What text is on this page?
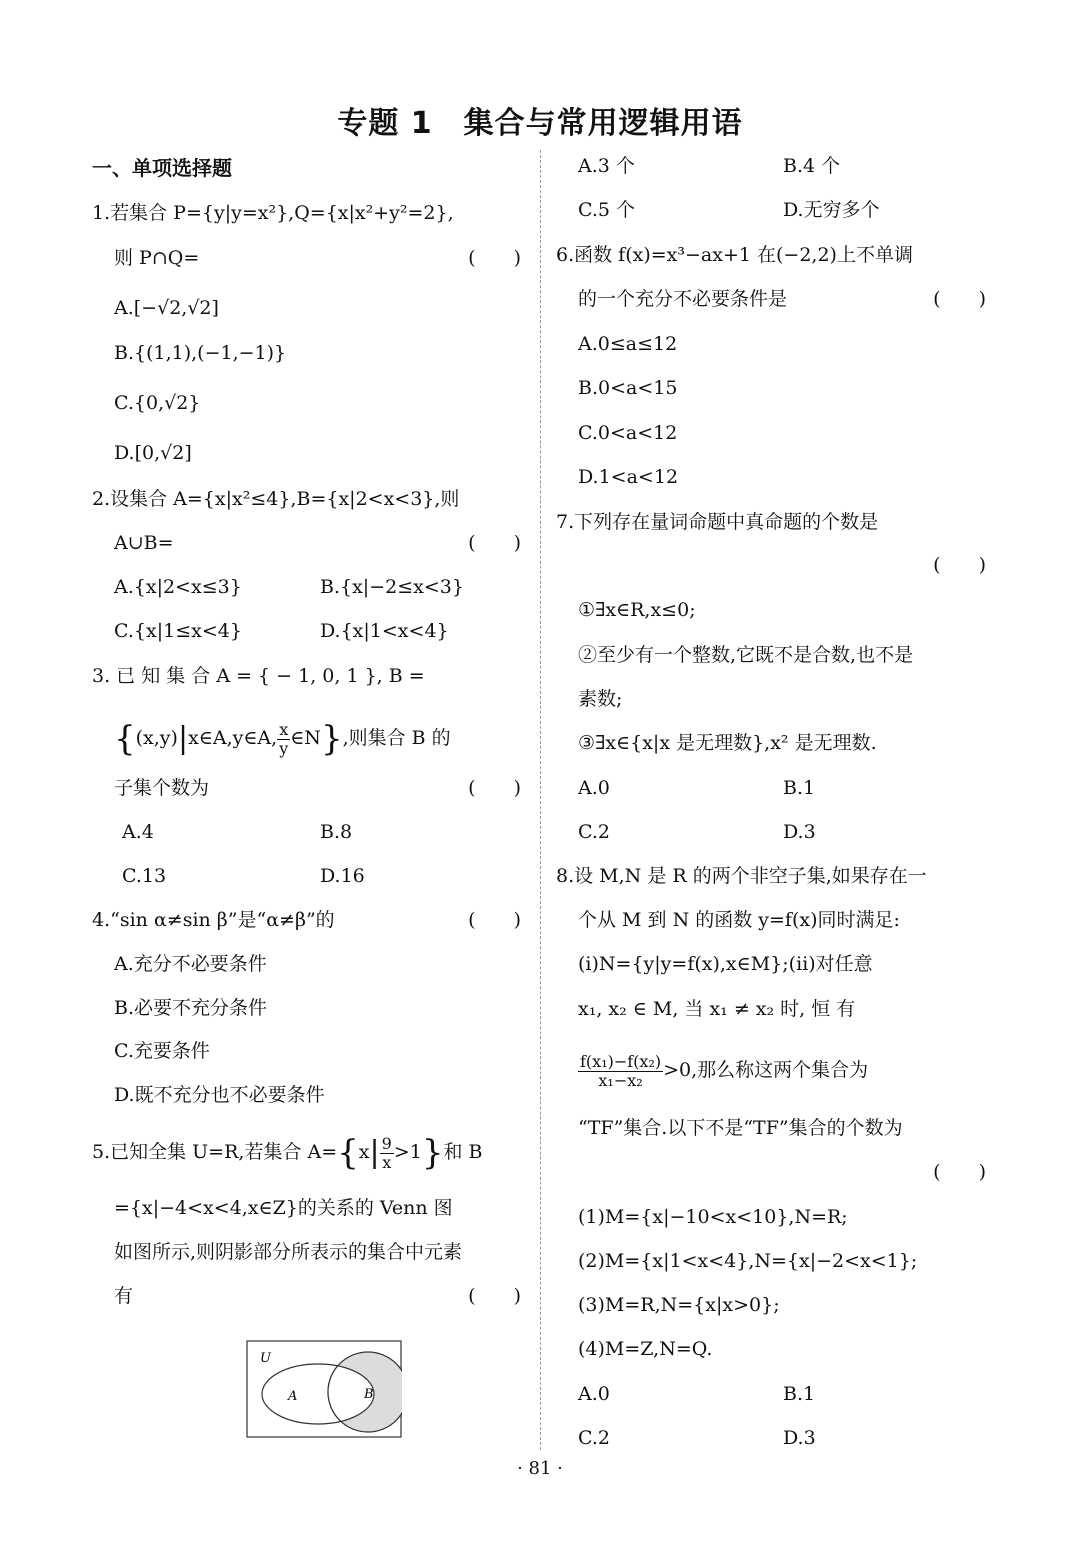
专题 1　集合与常用逻辑用语
一、单项选择题
1.若集合 P={y|y=x²},Q={x|x²+y²=2},
则 P∩Q=	(　　)
A.[−√2,√2]
B.{(1,1),(−1,−1)}
C.{0,√2}
D.[0,√2]
2.设集合 A={x|x²≤4},B={x|2<x<3},则
A∪B=	(　　)
A.{x|2<x≤3}	B.{x|−2≤x<3}
C.{x|1≤x<4}	D.{x|1<x<4}
3. 已 知 集 合 A = { − 1, 0, 1 }, B =
{(x,y)|x∈A,y∈A, $\frac{x}{y}$ ∈N},则集合 B 的
子集个数为	(　　)
A.4	B.8
C.13	D.16
4.“sin α≠sin β”是“α≠β”的	(　　)
A.充分不必要条件
B.必要不充分条件
C.充要条件
D.既不充分也不必要条件
5.已知全集 U=R,若集合 $A=\{x| \frac{9}{x} >1\}$和 B
={x|−4<x<4,x∈Z}的关系的 Venn 图
如图所示,则阴影部分所表示的集合中元素
有	(　　)
U
A	B
A.3 个	B.4 个
C.5 个	D.无穷多个
6.函数 f(x)=x³−ax+1 在(−2,2)上不单调
的一个充分不必要条件是	(　　)
A.0≤a≤12
B.0<a<15
C.0<a<12
D.1<a<12
7.下列存在量词命题中真命题的个数是
(　　)
①∃x∈R,x≤0;
②至少有一个整数,它既不是合数,也不是
素数;
③∃x∈{x|x 是无理数},x² 是无理数.
A.0	B.1
C.2	D.3
8.设 M,N 是 R 的两个非空子集,如果存在一
个从 M 到 N 的函数 y=f(x)同时满足:
(ⅰ)N={y|y=f(x),x∈M};(ⅱ)对任意
x₁, x₂ ∈ M, 当 x₁ ≠ x₂ 时, 恒 有
$\frac{\text{f(x₁)−f(x₂)}}{\text{x₁−x₂}} >0$,那么称这两个集合为
“TF”集合.以下不是“TF”集合的个数为
(　　)
(1)M={x|−10<x<10},N=R;
(2)M={x|1<x<4},N={x|−2<x<1};
(3)M=R,N={x|x>0};
(4)M=Z,N=Q.
A.0	B.1
C.2	D.3
· 81 ·
